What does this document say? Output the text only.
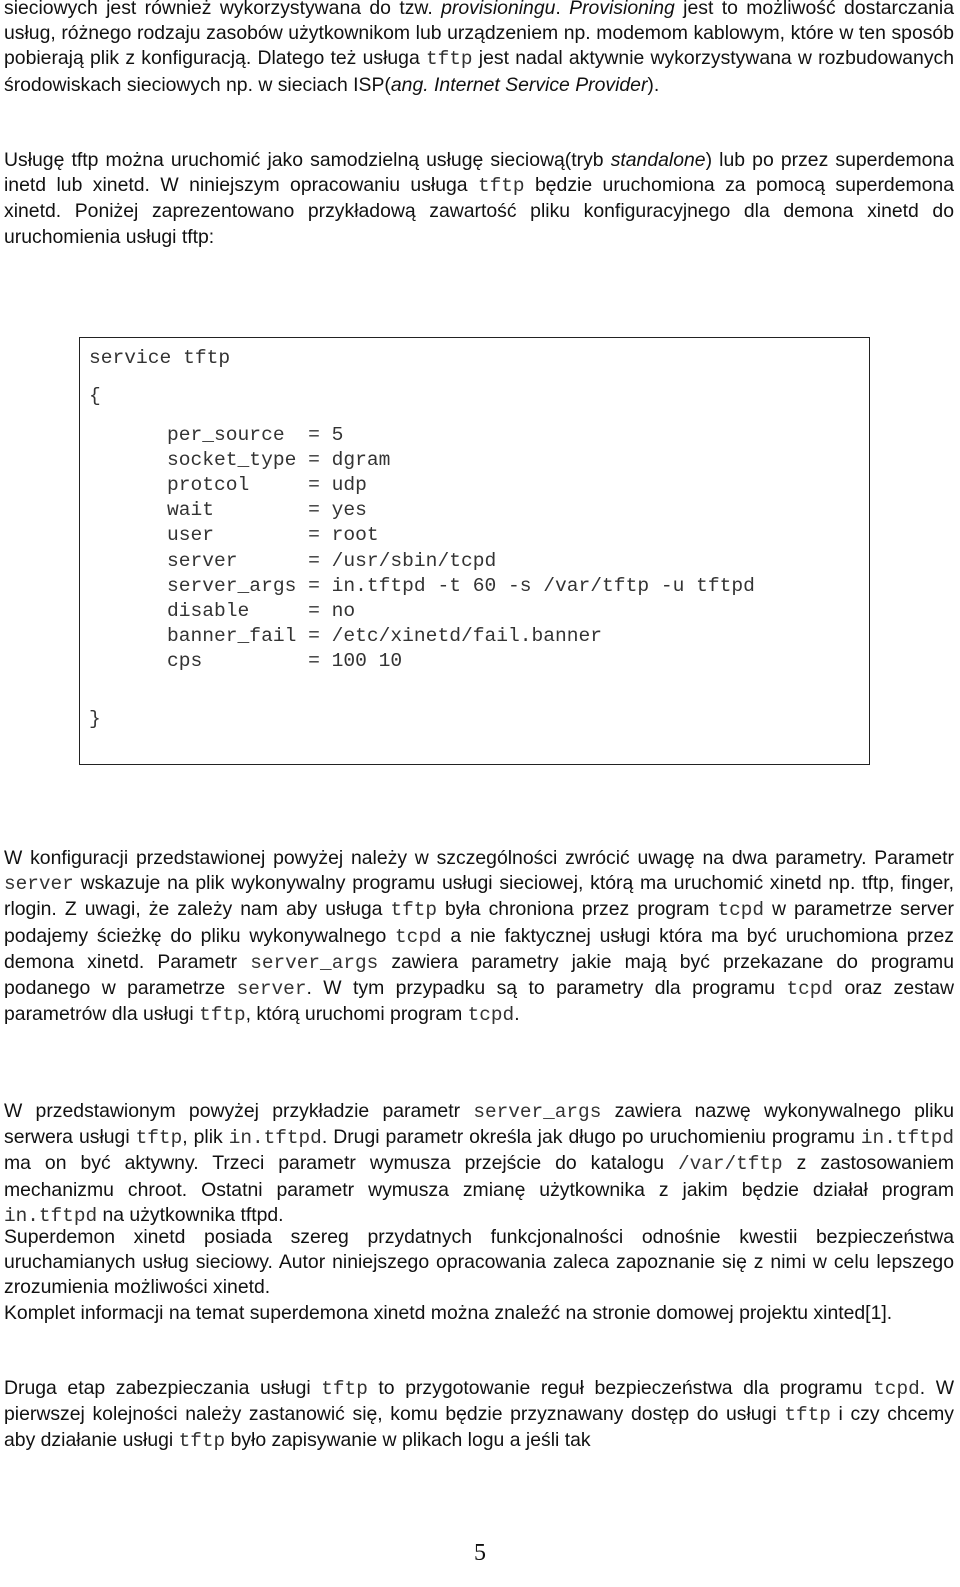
sieciowych jest również wykorzystywana do tzw. provisioningu. Provisioning jest to możliwość dostarczania usług, różnego rodzaju zasobów użytkownikom lub urządzeniem np. modemom kablowym, które w ten sposób pobierają plik z konfiguracją. Dlatego też usługa tftp jest nadal aktywnie wykorzystywana w rozbudowanych środowiskach sieciowych np. w sieciach ISP(ang. Internet Service Provider).

Usługę tftp można uruchomić jako samodzielną usługę sieciową(tryb standalone) lub po przez superdemona inetd lub xinetd. W niniejszym opracowaniu usługa tftp będzie uruchomiona za pomocą superdemona xinetd. Poniżej zaprezentowano przykładową zawartość pliku konfiguracyjnego dla demona xinetd do uruchomienia usługi tftp:

service tftp
{
per_source  = 5
socket_type = dgram
protcol     = udp
wait        = yes
user        = root
server      = /usr/sbin/tcpd
server_args = in.tftpd -t 60 -s /var/tftp -u tftpd
disable     = no
banner_fail = /etc/xinetd/fail.banner
cps         = 100 10
}

W konfiguracji przedstawionej powyżej należy w szczególności zwrócić uwagę na dwa parametry. Parametr server wskazuje na plik wykonywalny programu usługi sieciowej, którą ma uruchomić xinetd np. tftp, finger, rlogin. Z uwagi, że zależy nam aby usługa tftp była chroniona przez program tcpd w parametrze server podajemy ścieżkę do pliku wykonywalnego tcpd a nie faktycznej usługi która ma być uruchomiona przez demona xinetd. Parametr server_args zawiera parametry jakie mają być przekazane do programu podanego w parametrze server. W tym przypadku są to parametry dla programu tcpd oraz zestaw parametrów dla usługi tftp, którą uruchomi program tcpd.

W przedstawionym powyżej przykładzie parametr server_args zawiera nazwę wykonywalnego pliku serwera usługi tftp, plik in.tftpd. Drugi parametr określa jak długo po uruchomieniu programu in.tftpd ma on być aktywny. Trzeci parametr wymusza przejście do katalogu /var/tftp z zastosowaniem mechanizmu chroot. Ostatni parametr wymusza zmianę użytkownika z jakim będzie działał program in.tftpd na użytkownika tftpd.

Superdemon xinetd posiada szereg przydatnych funkcjonalności odnośnie kwestii bezpieczeństwa uruchamianych usług sieciowy. Autor niniejszego opracowania zaleca zapoznanie się z nimi w celu lepszego zrozumienia możliwości xinetd.

Komplet informacji na temat superdemona xinetd można znaleźć na stronie domowej projektu xinted[1].

Druga etap zabezpieczania usługi tftp to przygotowanie reguł bezpieczeństwa dla programu tcpd. W pierwszej kolejności należy zastanowić się, komu będzie przyznawany dostęp do usługi tftp i czy chcemy aby działanie usługi tftp było zapisywanie w plikach logu a jeśli tak

5
